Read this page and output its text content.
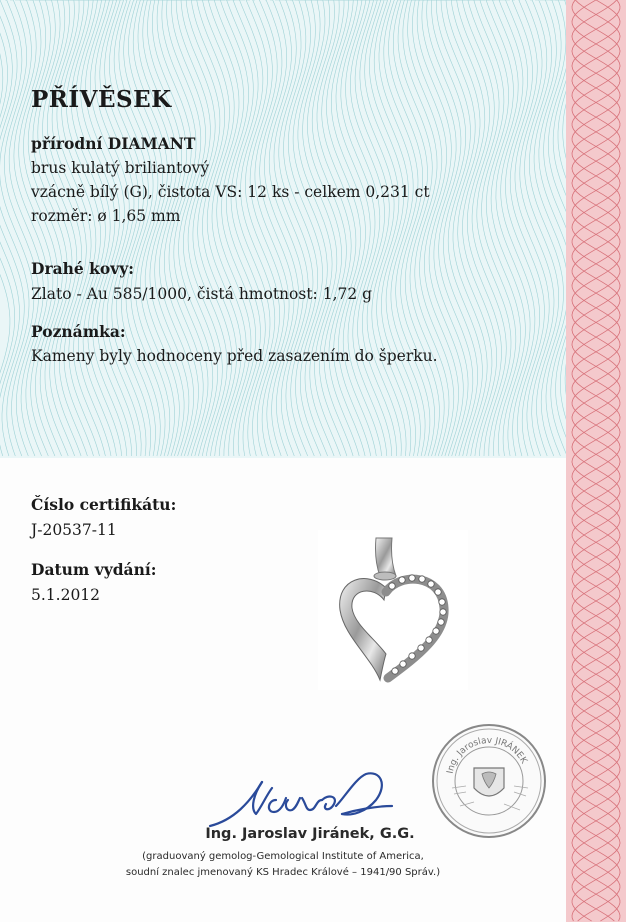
PŘÍVĚSEK
přírodní DIAMANT
brus kulatý briliantový
vzácně bílý (G), čistota VS: 12 ks - celkem 0,231 ct
rozměr: ø 1,65 mm
Drahé kovy:
Zlato - Au 585/1000, čistá hmotnost: 1,72 g
Poznámka:
Kameny byly hodnoceny před zasazením do šperku.
Číslo certifikátu:
J-20537-11
Datum vydání:
5.1.2012
Ing. Jaroslav JIRÁNEK
Ing. Jaroslav Jiránek, G.G.
(graduovaný gemolog-Gemological Institute of America,
soudní znalec jmenovaný KS Hradec Králové – 1941/90 Správ.)
